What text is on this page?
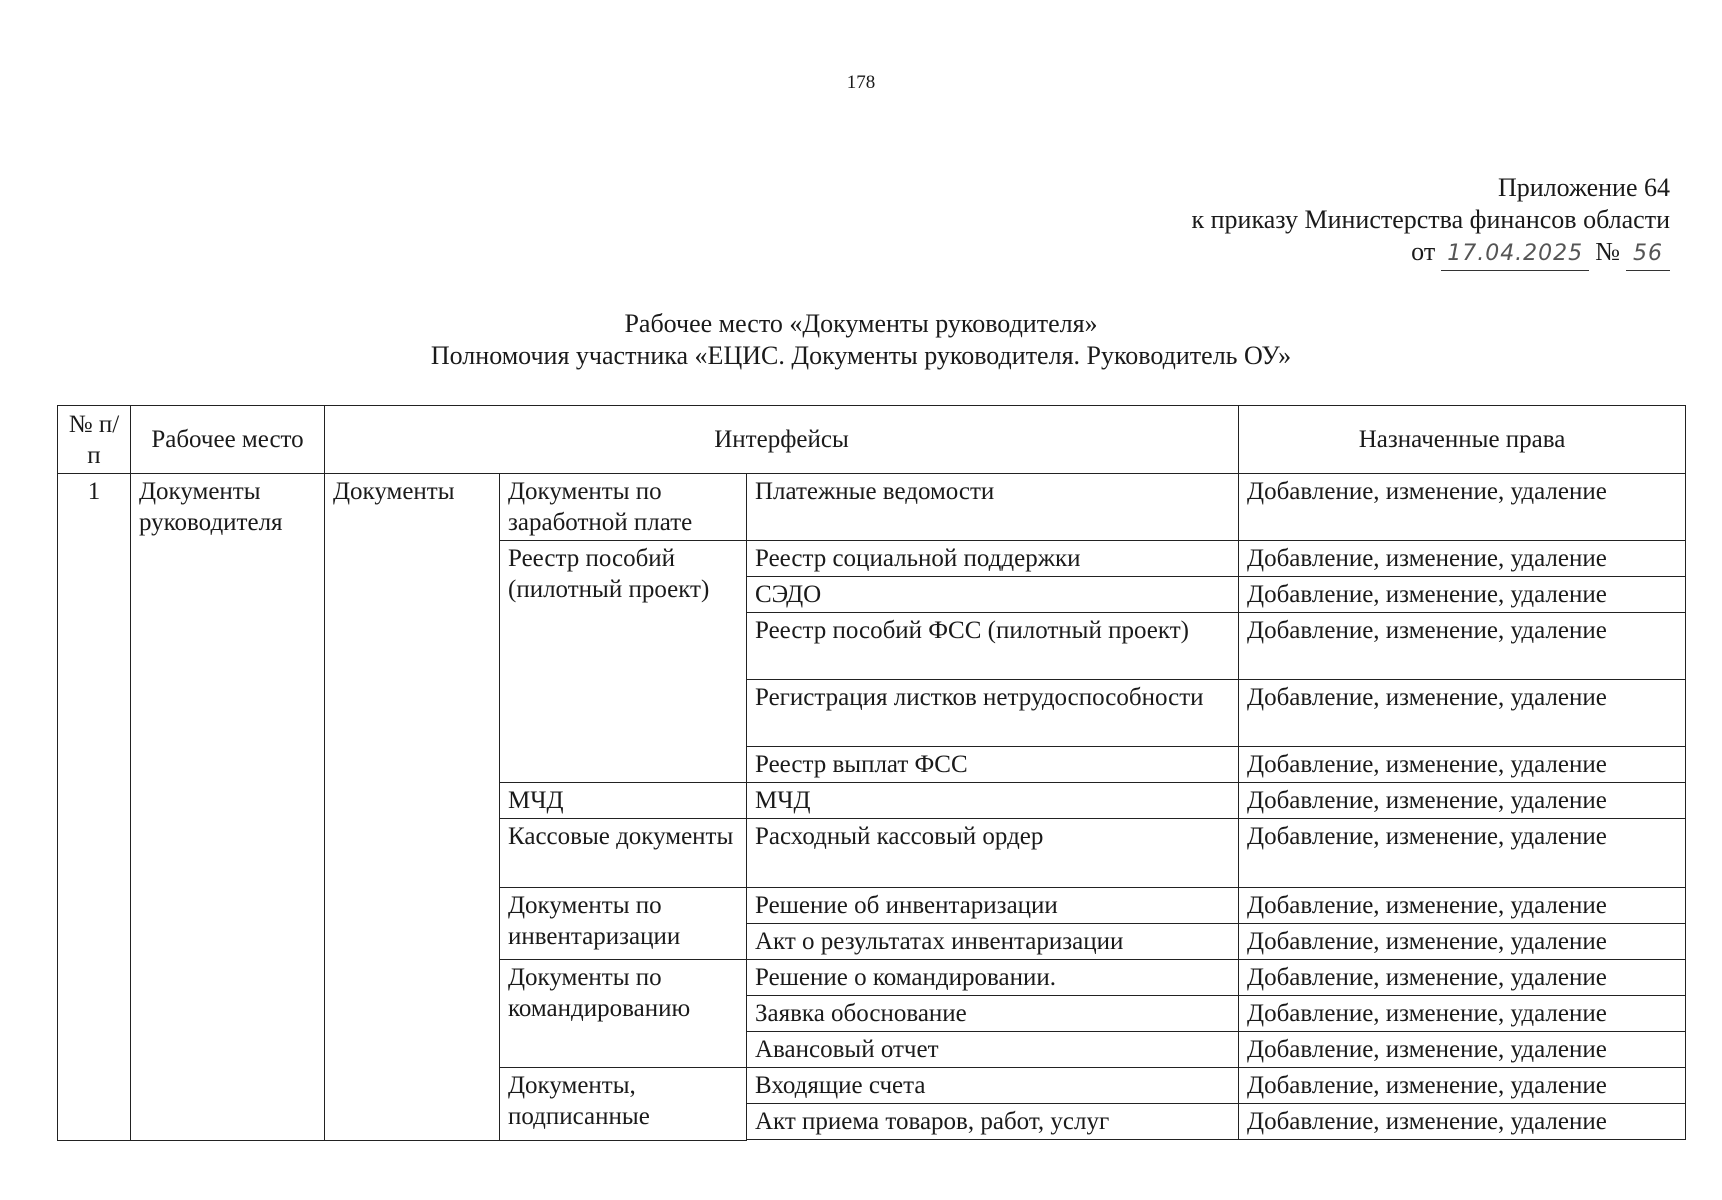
178
Приложение 64
к приказу Министерства финансов области
от 17.04.2025 № 56
Рабочее место «Документы руководителя»
Полномочия участника «ЕЦИС. Документы руководителя. Руководитель ОУ»
№ п/п	Рабочее место	Интерфейсы			Назначенные права
1	Документы руководителя	Документы	Документы по заработной плате	Платежные ведомости	Добавление, изменение, удаление
			Реестр пособий (пилотный проект)	Реестр социальной поддержки	Добавление, изменение, удаление
				СЭДО	Добавление, изменение, удаление
				Реестр пособий ФСС (пилотный проект)	Добавление, изменение, удаление
				Регистрация листков нетрудоспособности	Добавление, изменение, удаление
				Реестр выплат ФСС	Добавление, изменение, удаление
			МЧД	МЧД	Добавление, изменение, удаление
			Кассовые документы	Расходный кассовый ордер	Добавление, изменение, удаление
			Документы по инвентаризации	Решение об инвентаризации	Добавление, изменение, удаление
				Акт о результатах инвентаризации	Добавление, изменение, удаление
			Документы по командированию	Решение о командировании.	Добавление, изменение, удаление
				Заявка обоснование	Добавление, изменение, удаление
				Авансовый отчет	Добавление, изменение, удаление
			Документы, подписанные	Входящие счета	Добавление, изменение, удаление
				Акт приема товаров, работ, услуг	Добавление, изменение, удаление
